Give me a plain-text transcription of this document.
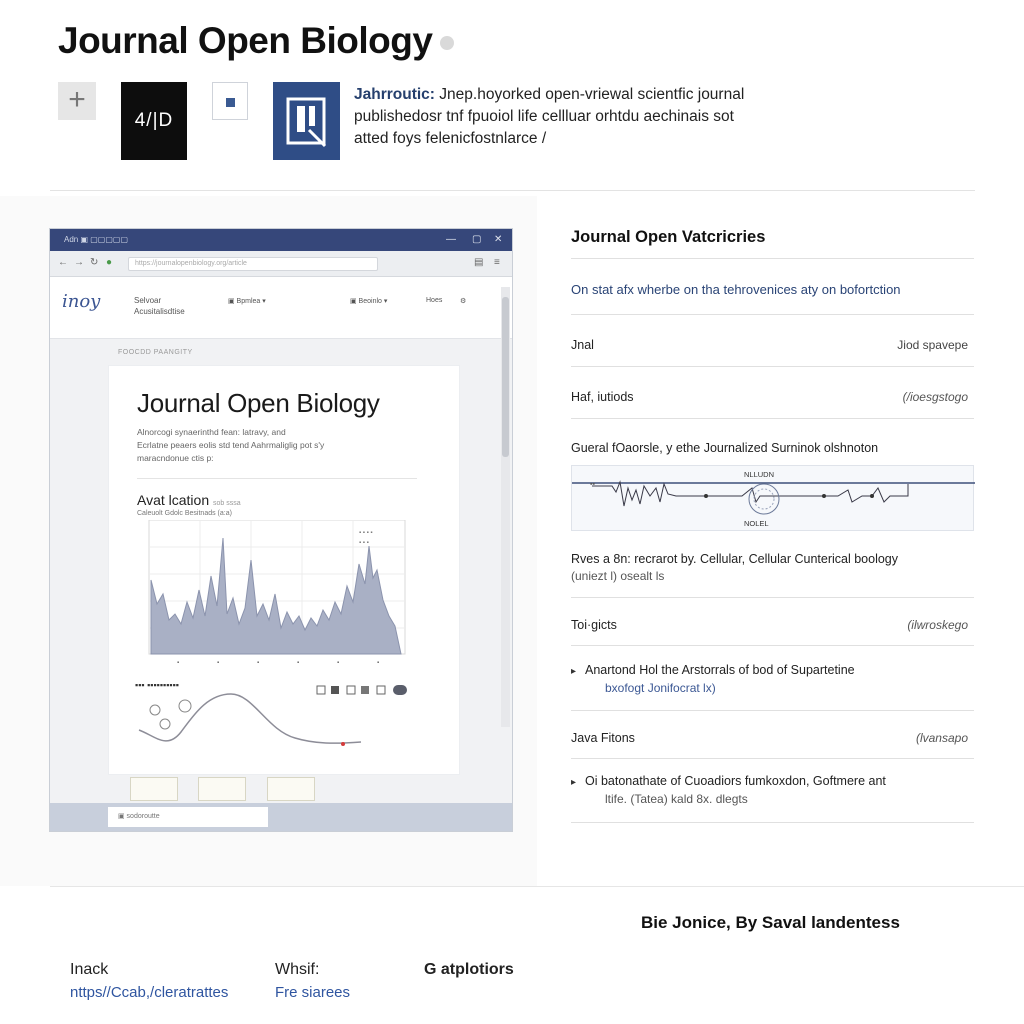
Journal Open Biology
+
4/|D
Jahrroutic: Jnep.hoyorked open-vriewal scientfic journal
publishedosr tnf fpuoiol life cellluar orhtdu aechinais sot
atted foys felenicfostnlarce /
Adn ▣ ▢▢▢▢▢	— ▢ ✕
← → ↻ ●	https://journalopenbiology.org/article	▤ ≡
inoy	Selvoar
Acusitalisdtise
▣ Bpmlea ▾	▣ Beoinlo ▾	Hoes	⚙
FOOCDD PAANGITY
Journal Open Biology
Alnorcogi synaerinthd fean: latravy, and
Ecrlatne peaers eolis std tend Aahrmaliglig pot s'y
maracndonue ctis p:
Avat lcation sob sssa
Caleuolt Gdolc Besitnads (a:a)
▪ ▪ ▪ ▪
▪ ▪ ▪
▪	▪	▪	▪	▪	▪
▪▪▪ ▪▪▪▪▪▪▪▪▪▪

▣ sodoroutte
Journal Open Vatcricries
On stat afx wherbe on tha tehrovenices aty on bofortction
Jnal	Jiod spavepe
Haf, iutiods	(/ioesgstogo
Gueral fOaorsle, y ethe Journalized Surninok olshnoton
▪▪
NLLUDN
NOLEL
Rves a 8n: recrarot by. Cellular, Cellular Cunterical boology
(uniezt l) osealt ls
Toi·gicts	(ilwroskego
▸ Anartond Hol the Arstorrals of bod of Supartetine
bxofogt Jonifocrat lx)
Java Fitons	(lvansapo
▸ Oi batonathate of Cuoadiors fumkoxdon, Goftmere ant
ltife. (Tatea) kald 8x. dlegts
Bie Jonice, By Saval landentess
Inack
nttps//Ccab,/cleratrattes
Whsif:
Fre siarees
G atplotiors
